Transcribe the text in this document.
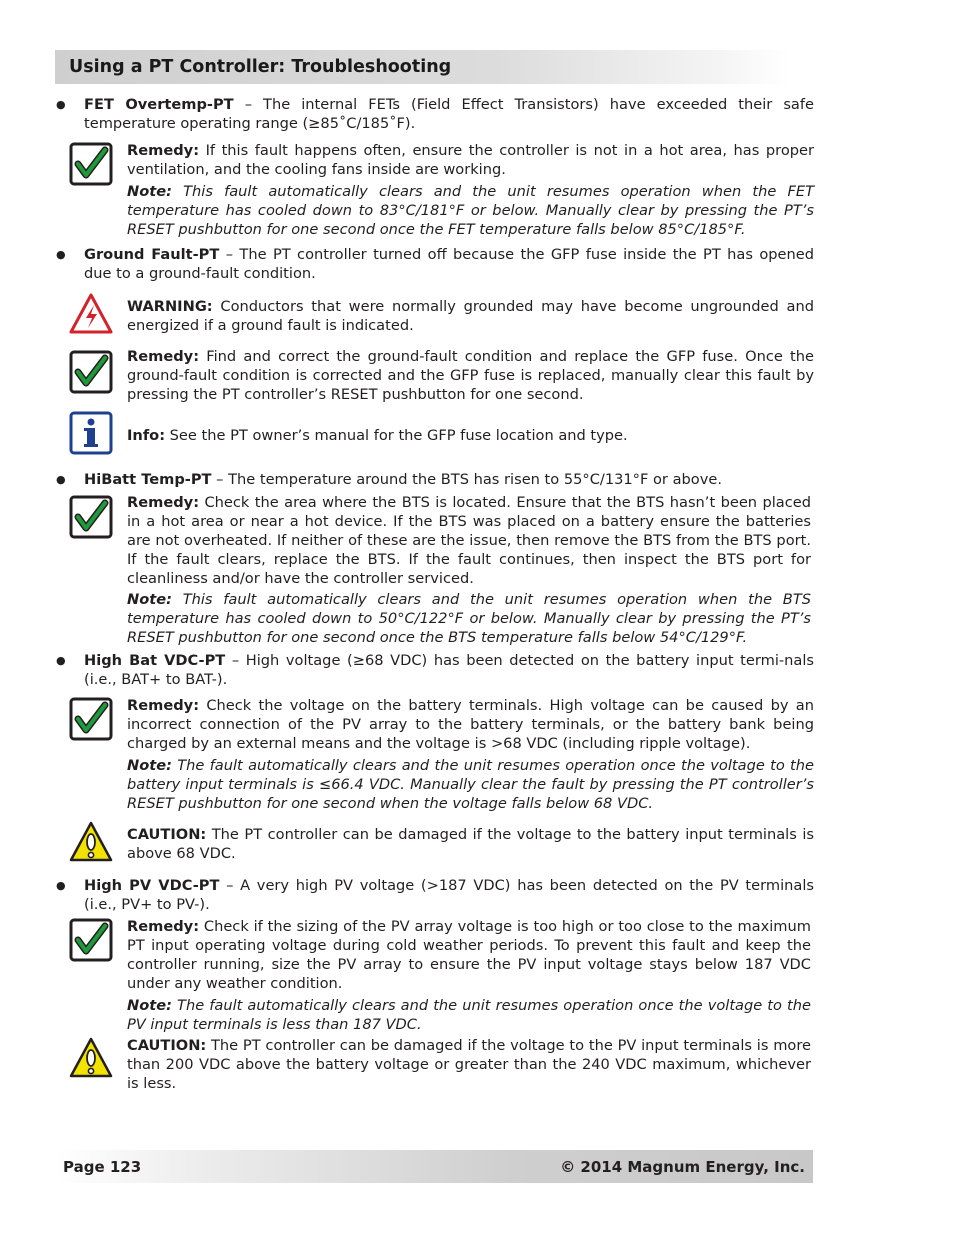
Using a PT Controller: Troubleshooting
●
FET Overtemp-PT – The internal FETs (Field Effect Transistors) have exceeded their safe temperature operating range (≥85˚C/185˚F).
Remedy: If this fault happens often, ensure the controller is not in a hot area, has proper ventilation, and the cooling fans inside are working.
Note: This fault automatically clears and the unit resumes operation when the FET temperature has cooled down to 83°C/181°F or below. Manually clear by pressing the PT’s RESET pushbutton for one second once the FET temperature falls below 85°C/185°F.
●
Ground Fault-PT – The PT controller turned off because the GFP fuse inside the PT has opened due to a ground-fault condition.
WARNING: Conductors that were normally grounded may have become ungrounded and energized if a ground fault is indicated.
Remedy: Find and correct the ground-fault condition and replace the GFP fuse. Once the ground-fault condition is corrected and the GFP fuse is replaced, manually clear this fault by pressing the PT controller’s RESET pushbutton for one second.
Info: See the PT owner’s manual for the GFP fuse location and type.
●
HiBatt Temp-PT – The temperature around the BTS has risen to 55°C/131°F or above.
Remedy: Check the area where the BTS is located. Ensure that the BTS hasn’t been placed in a hot area or near a hot device. If the BTS was placed on a battery ensure the batteries are not overheated. If neither of these are the issue, then remove the BTS from the BTS port. If the fault clears, replace the BTS. If the fault continues, then inspect the BTS port for cleanliness and/or have the controller serviced.
Note: This fault automatically clears and the unit resumes operation when the BTS temperature has cooled down to 50°C/122°F or below. Manually clear by pressing the PT’s RESET pushbutton for one second once the BTS temperature falls below 54°C/129°F.
●
High Bat VDC-PT – High voltage (≥68 VDC) has been detected on the battery input termi-nals (i.e., BAT+ to BAT-).
Remedy: Check the voltage on the battery terminals. High voltage can be caused by an incorrect connection of the PV array to the battery terminals, or the battery bank being charged by an external means and the voltage is >68 VDC (including ripple voltage).
Note: The fault automatically clears and the unit resumes operation once the voltage to the battery input terminals is ≤66.4 VDC. Manually clear the fault by pressing the PT controller’s RESET pushbutton for one second when the voltage falls below 68 VDC.
CAUTION: The PT controller can be damaged if the voltage to the battery input terminals is above 68 VDC.
●
High PV VDC-PT – A very high PV voltage (>187 VDC) has been detected on the PV terminals (i.e., PV+ to PV-).
Remedy: Check if the sizing of the PV array voltage is too high or too close to the maximum PT input operating voltage during cold weather periods. To prevent this fault and keep the controller running, size the PV array to ensure the PV input voltage stays below 187 VDC under any weather condition.
Note: The fault automatically clears and the unit resumes operation once the voltage to the PV input terminals is less than 187 VDC.
CAUTION: The PT controller can be damaged if the voltage to the PV input terminals is more than 200 VDC above the battery voltage or greater than the 240 VDC maximum, whichever is less.
Page 123	© 2014 Magnum Energy, Inc.
